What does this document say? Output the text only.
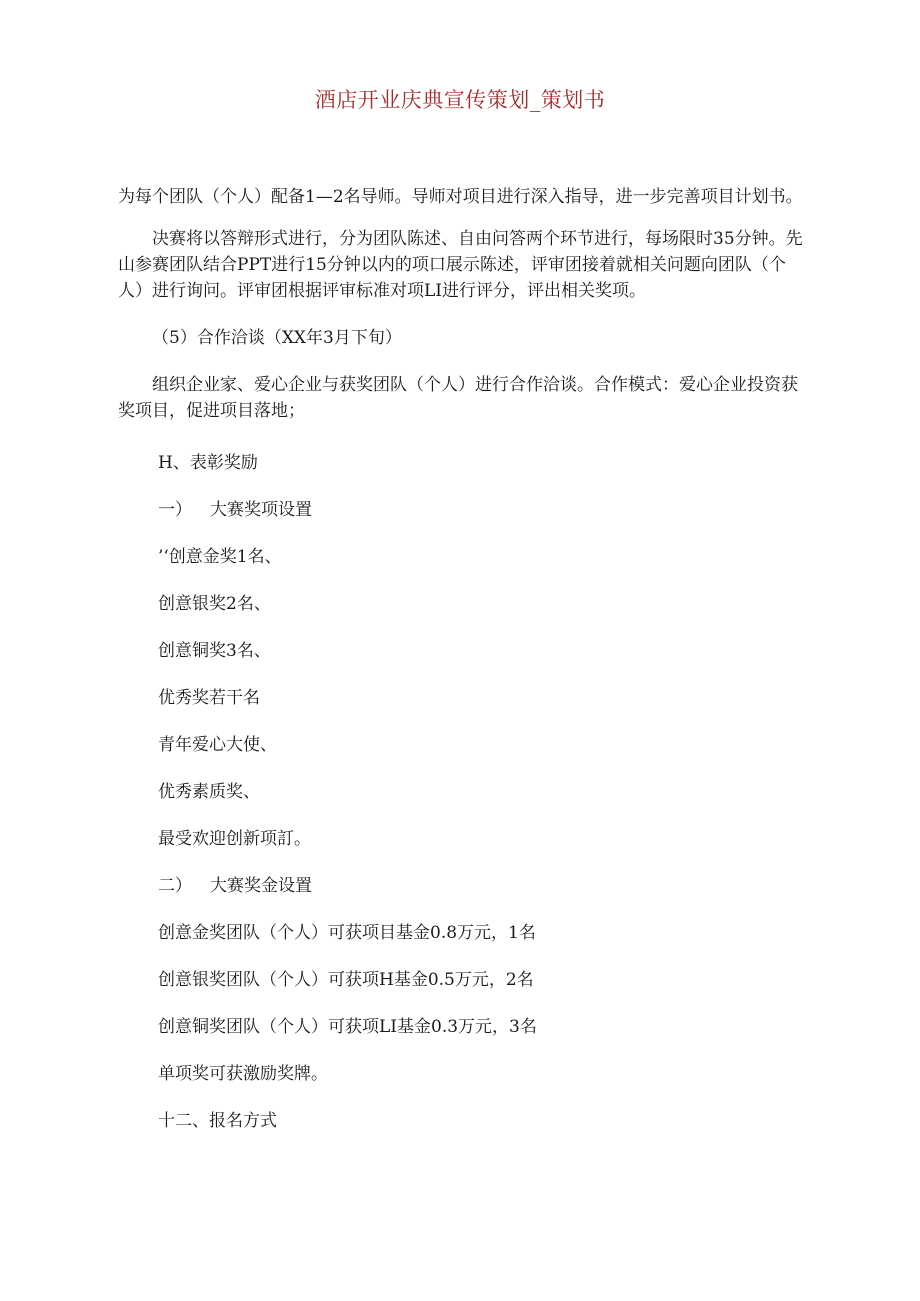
酒店开业庆典宣传策划_策划书

为每个团队（个人）配备1—2名导师。导师对项目进行深入指导，进一步完善项目计划书。

决赛将以答辩形式进行，分为团队陈述、自由问答两个环节进行，每场限时35分钟。先山参赛团队结合PPT进行15分钟以内的项口展示陈述，评审团接着就相关问题向团队（个人）进行询问。评审团根据评审标准对项LI进行评分，评出相关奖项。

（5）合作洽谈（XX年3月下旬）

组织企业家、爱心企业与获奖团队（个人）进行合作洽谈。合作模式：爱心企业投资获奖项目，促进项目落地；

H、表彰奖励

一） 大赛奖项设置

’‘创意金奖1名、

创意银奖2名、

创意铜奖3名、

优秀奖若干名

青年爱心大使、

优秀素质奖、

最受欢迎创新项訂。

二） 大赛奖金设置

创意金奖团队（个人）可获项目基金0.8万元，1名

创意银奖团队（个人）可获项H基金0.5万元，2名

创意铜奖团队（个人）可获项LI基金0.3万元，3名

单项奖可获激励奖牌。

十二、报名方式
